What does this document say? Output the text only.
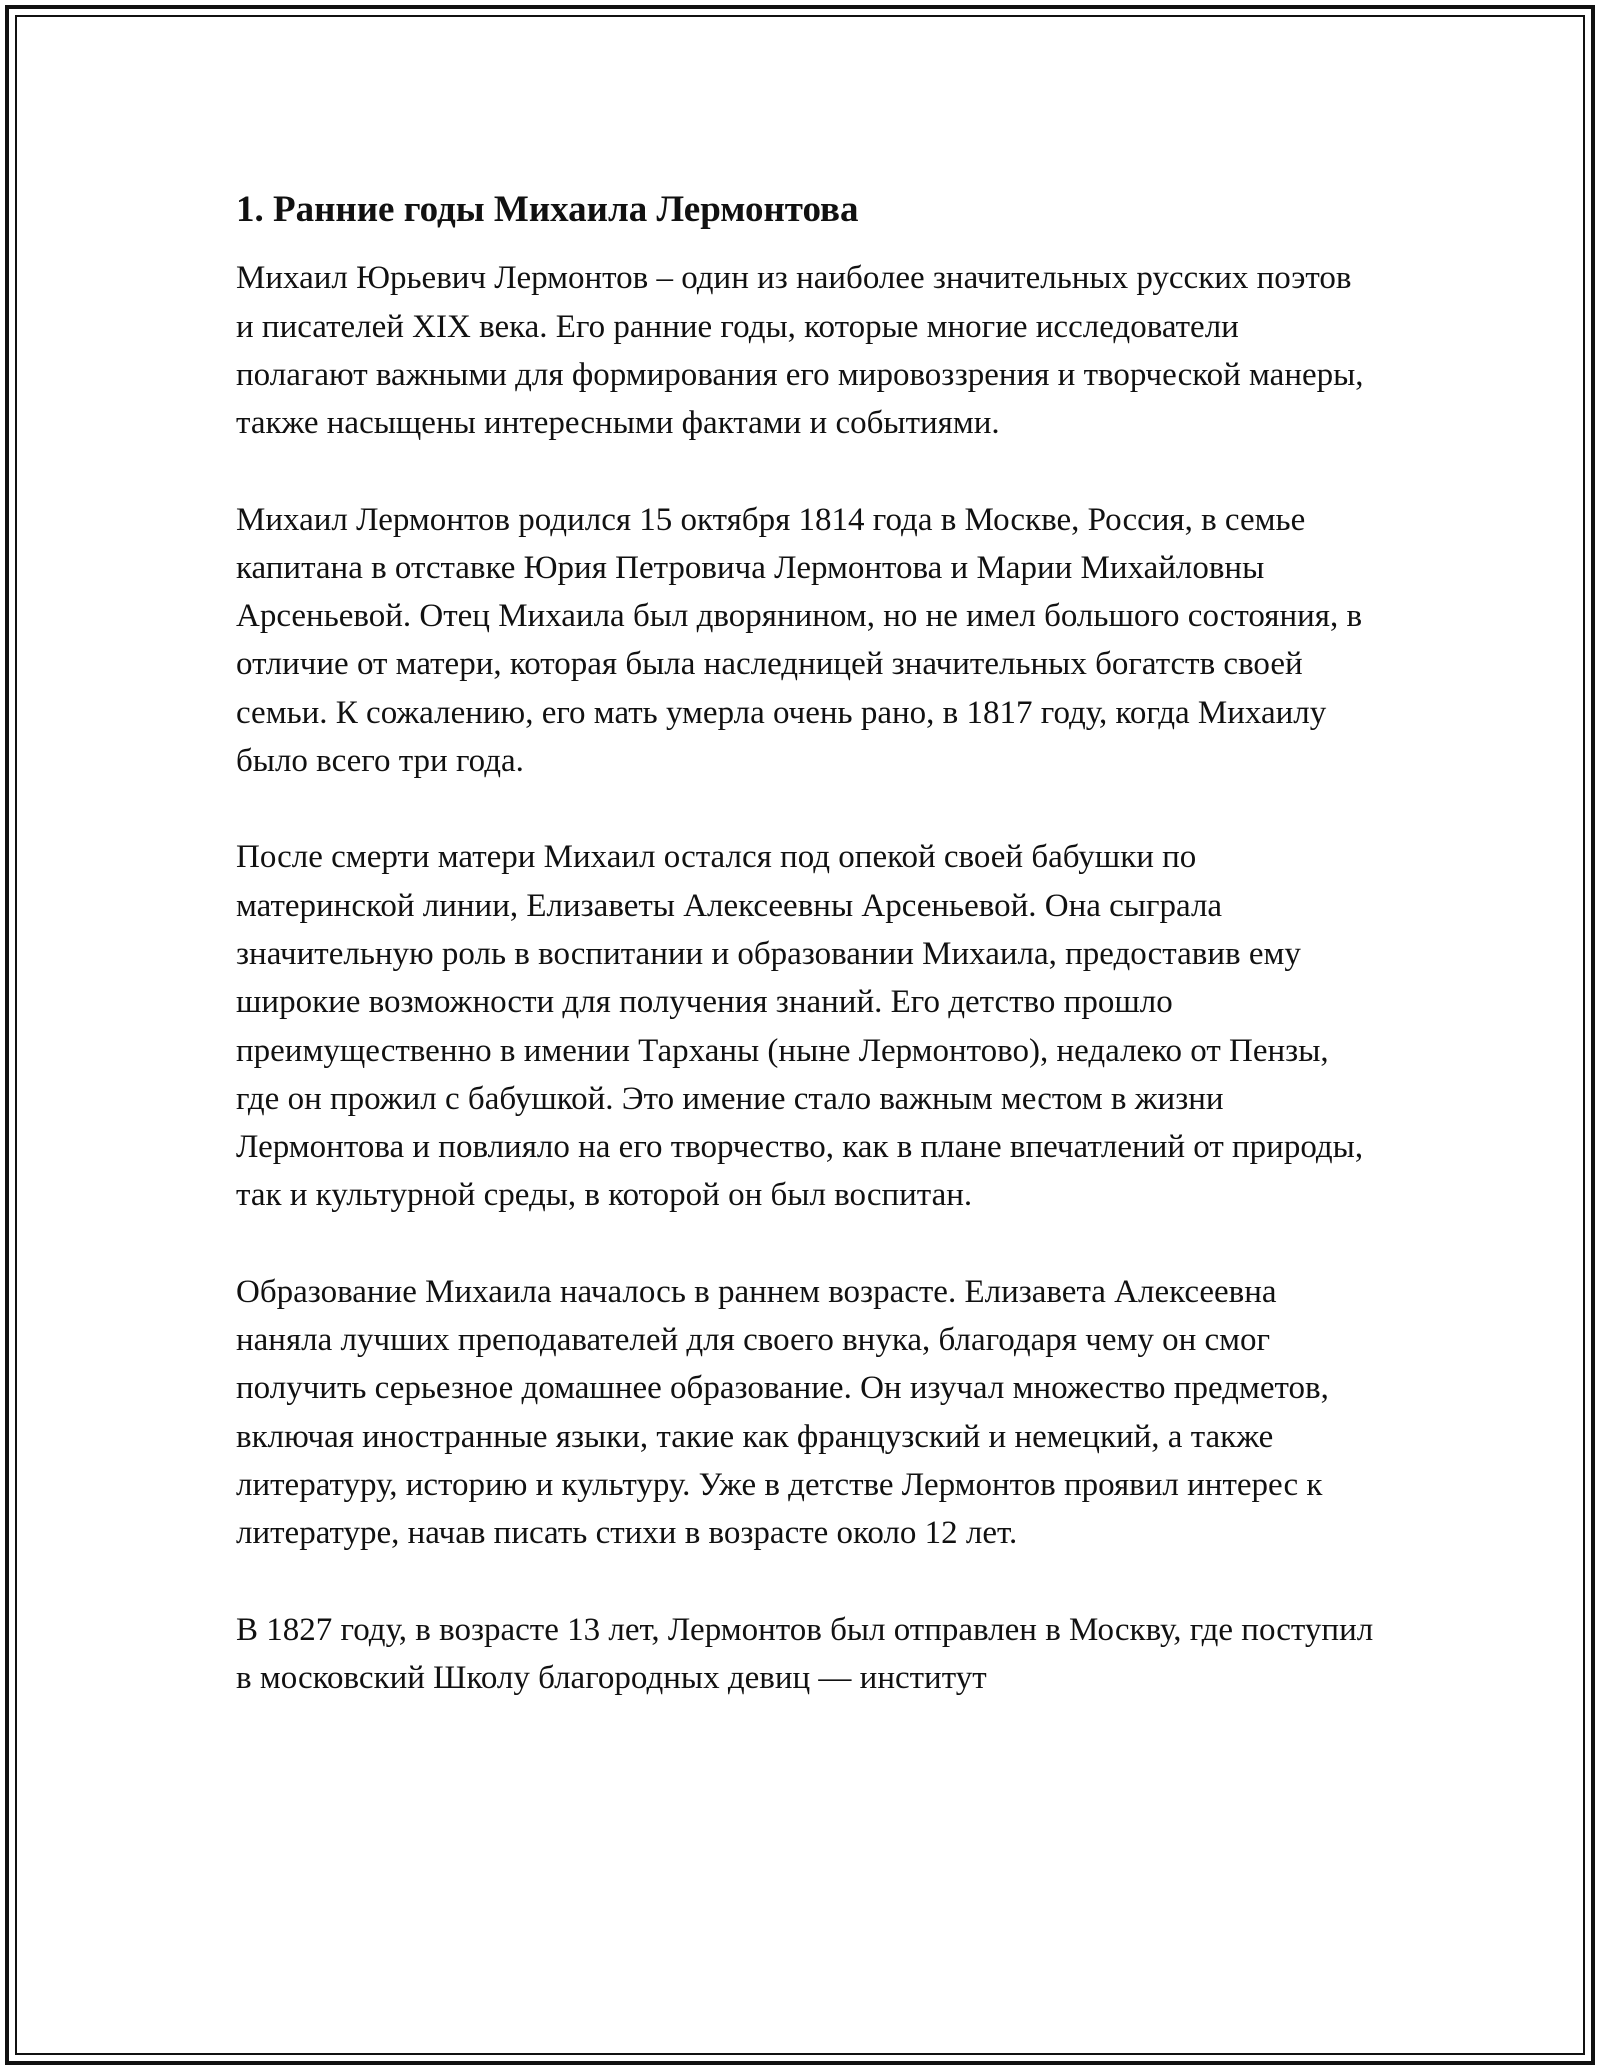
1. Ранние годы Михаила Лермонтова

Михаил Юрьевич Лермонтов – один из наиболее значительных русских поэтов и писателей XIX века. Его ранние годы, которые многие исследователи полагают важными для формирования его мировоззрения и творческой манеры, также насыщены интересными фактами и событиями.

Михаил Лермонтов родился 15 октября 1814 года в Москве, Россия, в семье капитана в отставке Юрия Петровича Лермонтова и Марии Михайловны Арсеньевой. Отец Михаила был дворянином, но не имел большого состояния, в отличие от матери, которая была наследницей значительных богатств своей семьи. К сожалению, его мать умерла очень рано, в 1817 году, когда Михаилу было всего три года.

После смерти матери Михаил остался под опекой своей бабушки по материнской линии, Елизаветы Алексеевны Арсеньевой. Она сыграла значительную роль в воспитании и образовании Михаила, предоставив ему широкие возможности для получения знаний. Его детство прошло преимущественно в имении Тарханы (ныне Лермонтово), недалеко от Пензы, где он прожил с бабушкой. Это имение стало важным местом в жизни Лермонтова и повлияло на его творчество, как в плане впечатлений от природы, так и культурной среды, в которой он был воспитан.

Образование Михаила началось в раннем возрасте. Елизавета Алексеевна наняла лучших преподавателей для своего внука, благодаря чему он смог получить серьезное домашнее образование. Он изучал множество предметов, включая иностранные языки, такие как французский и немецкий, а также литературу, историю и культуру. Уже в детстве Лермонтов проявил интерес к литературе, начав писать стихи в возрасте около 12 лет.

В 1827 году, в возрасте 13 лет, Лермонтов был отправлен в Москву, где поступил в московский Школу благородных девиц — институт
